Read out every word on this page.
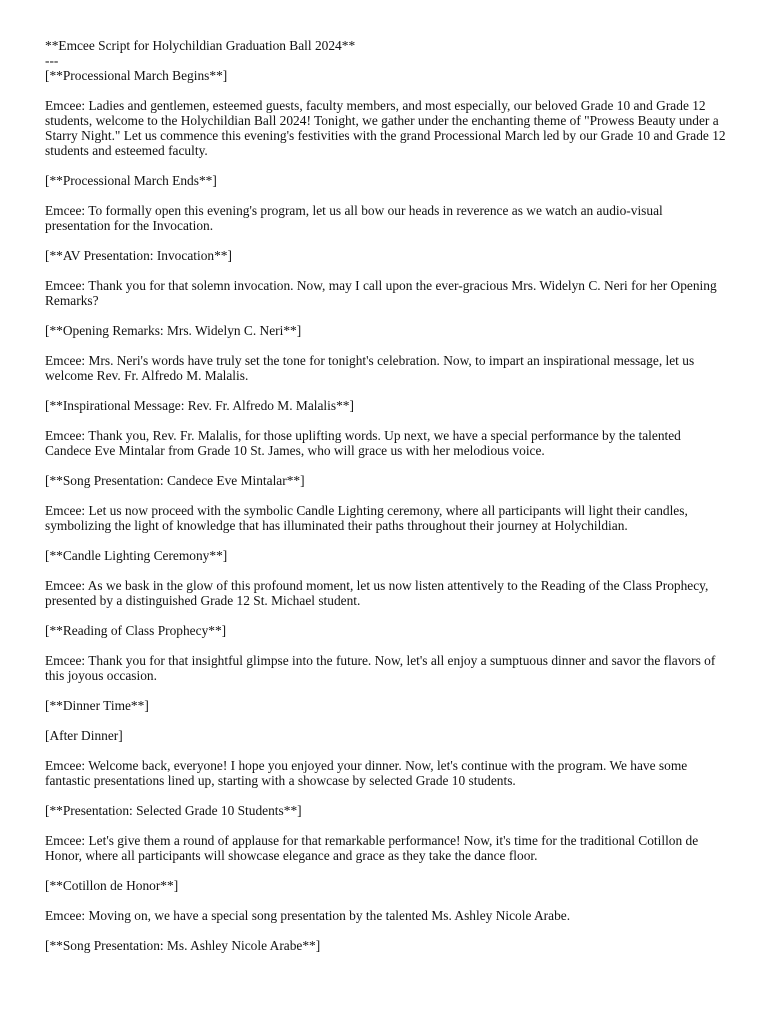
**Emcee Script for Holychildian Graduation Ball 2024**

---

[**Processional March Begins**]

Emcee: Ladies and gentlemen, esteemed guests, faculty members, and most especially, our beloved Grade 10 and Grade 12 students, welcome to the Holychildian Ball 2024! Tonight, we gather under the enchanting theme of "Prowess Beauty under a Starry Night." Let us commence this evening's festivities with the grand Processional March led by our Grade 10 and Grade 12 students and esteemed faculty.

[**Processional March Ends**]

Emcee: To formally open this evening's program, let us all bow our heads in reverence as we watch an audio-visual presentation for the Invocation.

[**AV Presentation: Invocation**]

Emcee: Thank you for that solemn invocation. Now, may I call upon the ever-gracious Mrs. Widelyn C. Neri for her Opening Remarks?

[**Opening Remarks: Mrs. Widelyn C. Neri**]

Emcee: Mrs. Neri's words have truly set the tone for tonight's celebration. Now, to impart an inspirational message, let us welcome Rev. Fr. Alfredo M. Malalis.

[**Inspirational Message: Rev. Fr. Alfredo M. Malalis**]

Emcee: Thank you, Rev. Fr. Malalis, for those uplifting words. Up next, we have a special performance by the talented Candece Eve Mintalar from Grade 10 St. James, who will grace us with her melodious voice.

[**Song Presentation: Candece Eve Mintalar**]

Emcee: Let us now proceed with the symbolic Candle Lighting ceremony, where all participants will light their candles, symbolizing the light of knowledge that has illuminated their paths throughout their journey at Holychildian.

[**Candle Lighting Ceremony**]

Emcee: As we bask in the glow of this profound moment, let us now listen attentively to the Reading of the Class Prophecy, presented by a distinguished Grade 12 St. Michael student.

[**Reading of Class Prophecy**]

Emcee: Thank you for that insightful glimpse into the future. Now, let's all enjoy a sumptuous dinner and savor the flavors of this joyous occasion.

[**Dinner Time**]

[After Dinner]

Emcee: Welcome back, everyone! I hope you enjoyed your dinner. Now, let's continue with the program. We have some fantastic presentations lined up, starting with a showcase by selected Grade 10 students.

[**Presentation: Selected Grade 10 Students**]

Emcee: Let's give them a round of applause for that remarkable performance! Now, it's time for the traditional Cotillon de Honor, where all participants will showcase elegance and grace as they take the dance floor.

[**Cotillon de Honor**]

Emcee: Moving on, we have a special song presentation by the talented Ms. Ashley Nicole Arabe.

[**Song Presentation: Ms. Ashley Nicole Arabe**]
